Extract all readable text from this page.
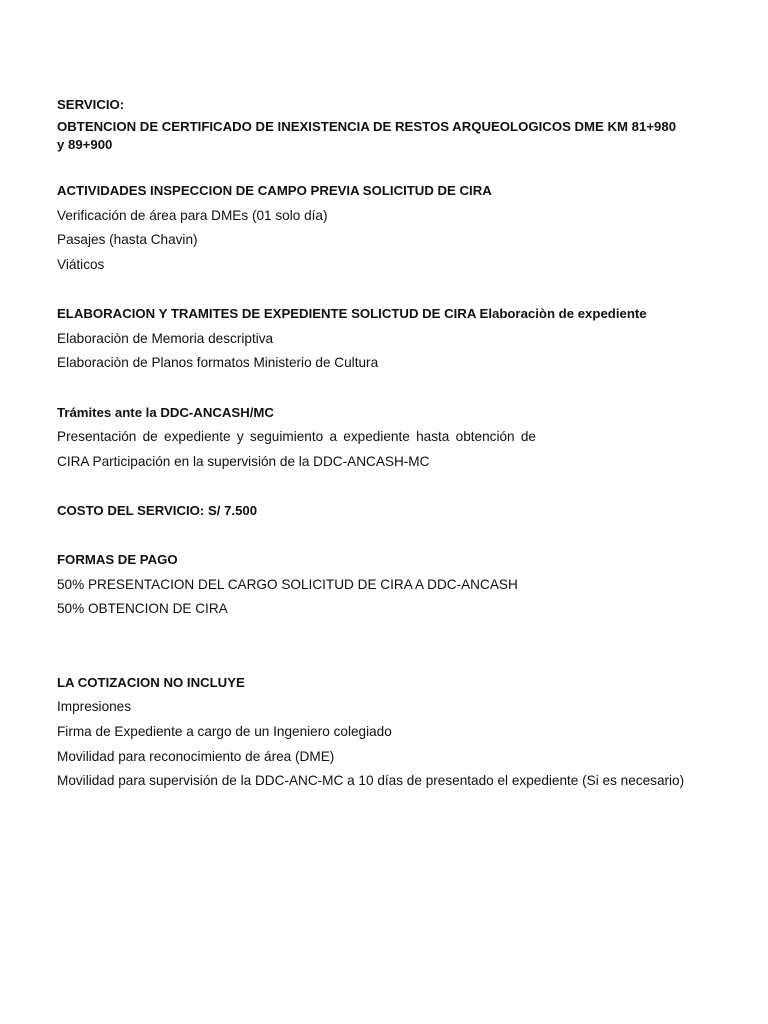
SERVICIO:
OBTENCION DE CERTIFICADO DE INEXISTENCIA DE RESTOS ARQUEOLOGICOS DME KM 81+980 y 89+900
ACTIVIDADES INSPECCION DE CAMPO PREVIA SOLICITUD DE CIRA
Verificación de área para DMEs (01 solo día)
Pasajes (hasta Chavin)
Viáticos
ELABORACION Y TRAMITES DE EXPEDIENTE SOLICTUD DE CIRA Elaboraciòn de expediente
Elaboraciòn de Memoria descriptiva
Elaboraciòn de Planos formatos Ministerio de Cultura
Trámites ante la DDC-ANCASH/MC
Presentación de expediente y seguimiento a expediente hasta obtención de
CIRA Participación en la supervisión de la DDC-ANCASH-MC
COSTO DEL SERVICIO: S/ 7.500
FORMAS DE PAGO
50% PRESENTACION DEL CARGO SOLICITUD DE CIRA A DDC-ANCASH
50% OBTENCION DE CIRA
LA COTIZACION NO INCLUYE
Impresiones
Firma de Expediente a cargo de un Ingeniero colegiado
Movilidad para reconocimiento de área (DME)
Movilidad para supervisión de la DDC-ANC-MC a 10 días de presentado el expediente (Si es necesario)
